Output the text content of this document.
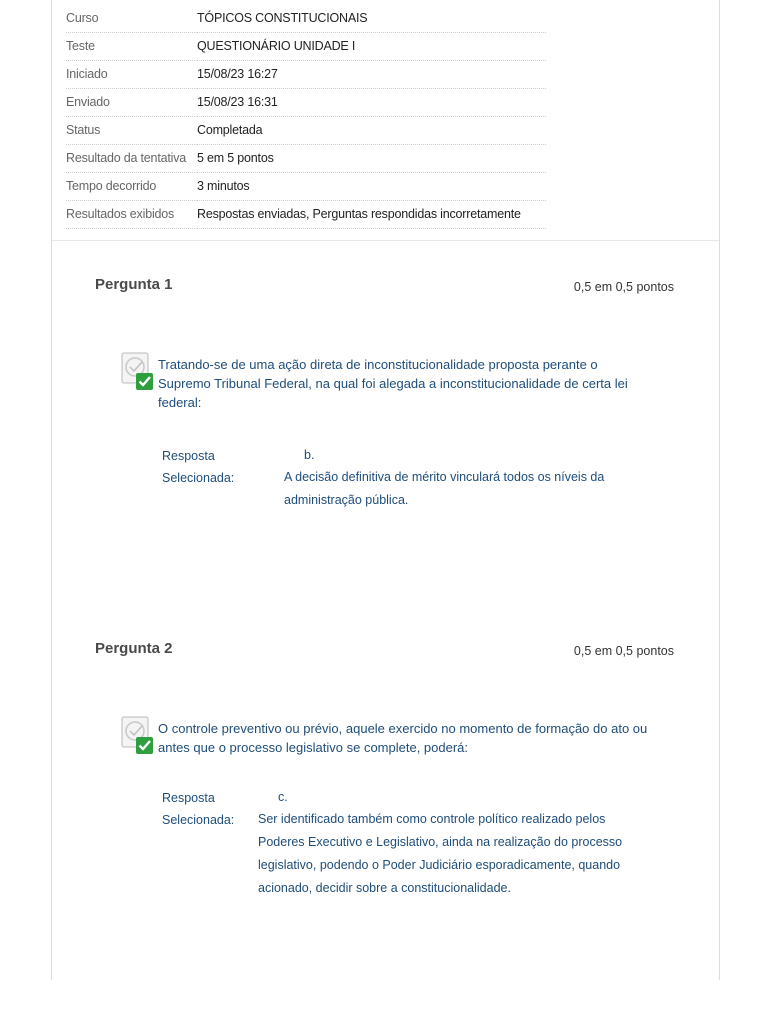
Curso	TÓPICOS CONSTITUCIONAIS
Teste	QUESTIONÁRIO UNIDADE I
Iniciado	15/08/23 16:27
Enviado	15/08/23 16:31
Status	Completada
Resultado da tentativa	5 em 5 pontos
Tempo decorrido	3 minutos
Resultados exibidos	Respostas enviadas, Perguntas respondidas incorretamente
Pergunta 1	0,5 em 0,5 pontos
Tratando-se de uma ação direta de inconstitucionalidade proposta perante o Supremo Tribunal Federal, na qual foi alegada a inconstitucionalidade de certa lei federal:
Resposta
Selecionada:
b.
A decisão definitiva de mérito vinculará todos os níveis da administração pública.
Pergunta 2	0,5 em 0,5 pontos
O controle preventivo ou prévio, aquele exercido no momento de formação do ato ou antes que o processo legislativo se complete, poderá:
Resposta
Selecionada:
c.
Ser identificado também como controle político realizado pelos Poderes Executivo e Legislativo, ainda na realização do processo legislativo, podendo o Poder Judiciário esporadicamente, quando acionado, decidir sobre a constitucionalidade.
